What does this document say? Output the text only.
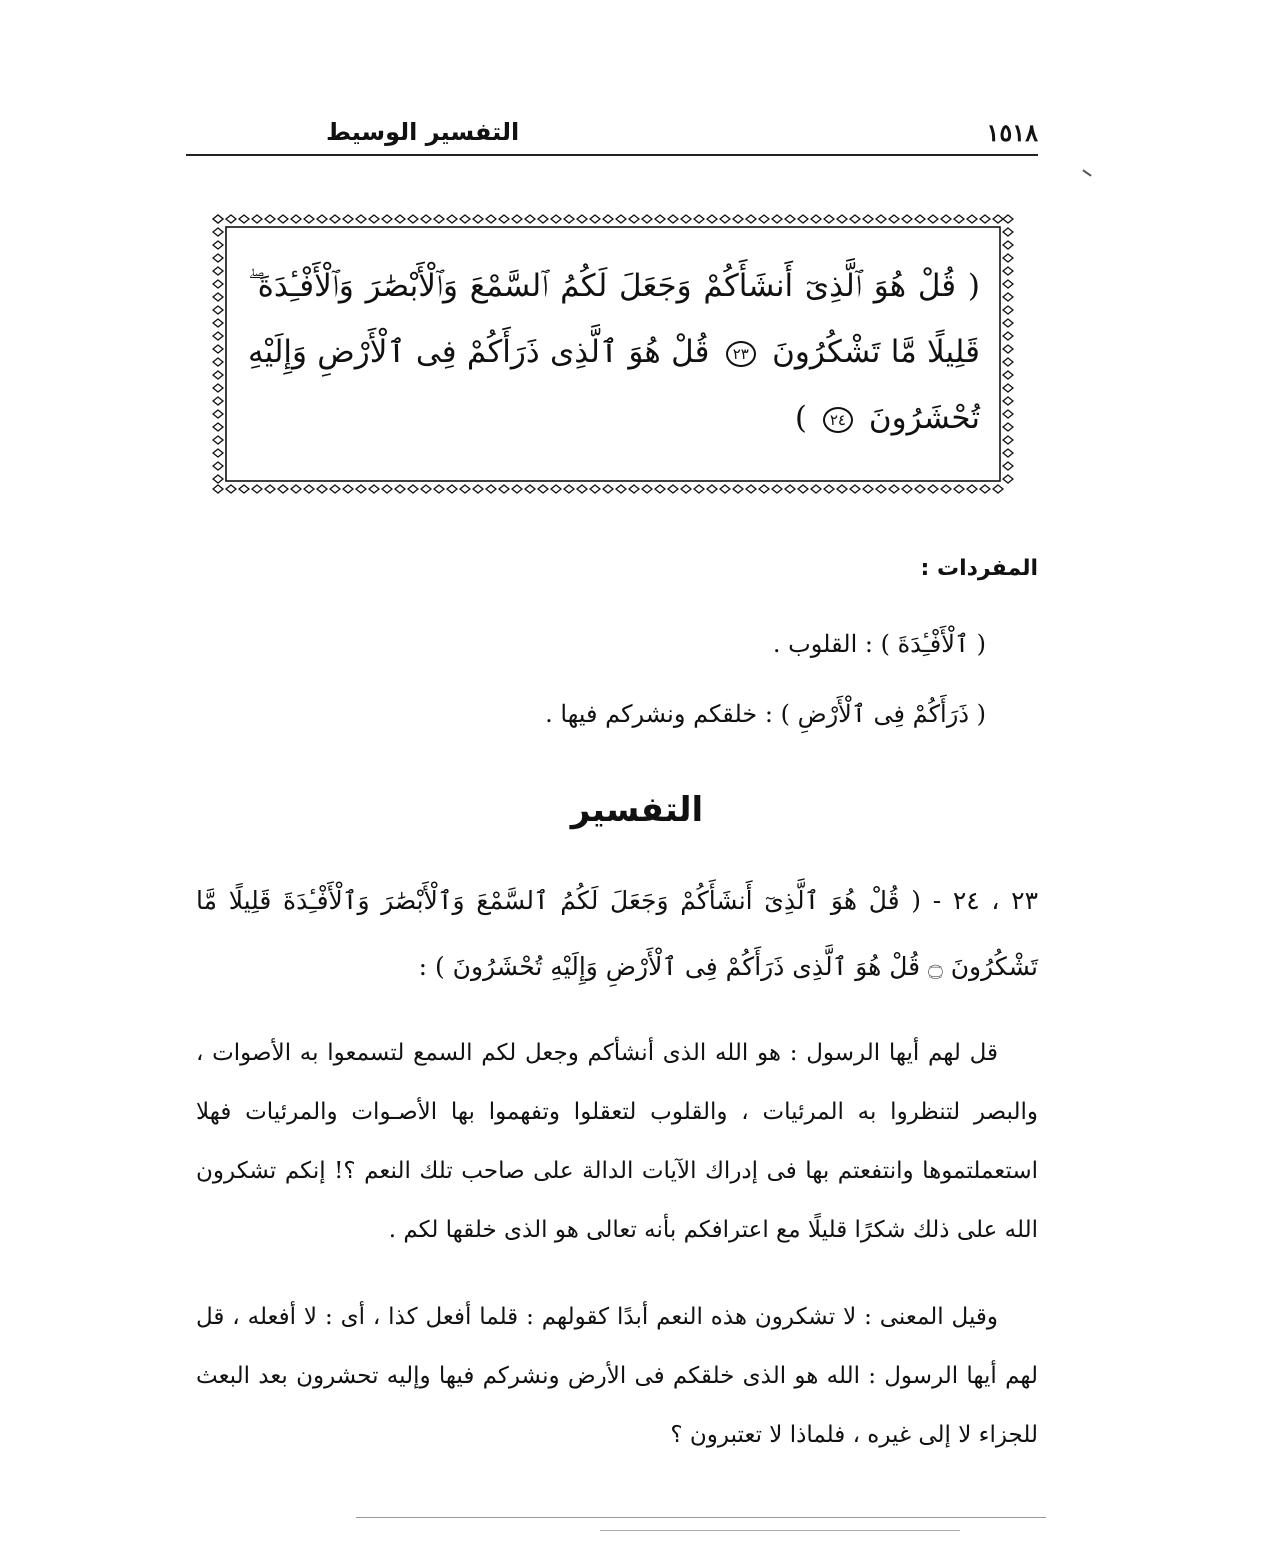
١٥١٨
التفسير الوسيط
( قُلْ هُوَ ٱلَّذِىٓ أَنشَأَكُمْ وَجَعَلَ لَكُمُ ٱلسَّمْعَ وَٱلْأَبْصَٰرَ وَٱلْأَفْـِٔدَةَ ۖ قَلِيلًا مَّا تَشْكُرُونَ ٢٣ قُلْ هُوَ ٱلَّذِى ذَرَأَكُمْ فِى ٱلْأَرْضِ وَإِلَيْهِ تُحْشَرُونَ ٢٤ )
المفردات :
( ٱلْأَفْـِٔدَةَ ) : القلوب .
( ذَرَأَكُمْ فِى ٱلْأَرْضِ ) : خلقكم ونشركم فيها .
التفسير
٢٣ ، ٢٤ - ( قُلْ هُوَ ٱلَّذِىٓ أَنشَأَكُمْ وَجَعَلَ لَكُمُ ٱلسَّمْعَ وَٱلْأَبْصَٰرَ وَٱلْأَفْـِٔدَةَ قَلِيلًا مَّا تَشْكُرُونَ ۝ قُلْ هُوَ ٱلَّذِى ذَرَأَكُمْ فِى ٱلْأَرْضِ وَإِلَيْهِ تُحْشَرُونَ ) :

قل لهم أيها الرسول : هو الله الذى أنشأكم وجعل لكم السمع لتسمعوا به الأصوات ، والبصر لتنظروا به المرئيات ، والقلوب لتعقلوا وتفهموا بها الأصـوات والمرئيات فهلا استعملتموها وانتفعتم بها فى إدراك الآيات الدالة على صاحب تلك النعم ؟! إنكم تشكرون الله على ذلك شكرًا قليلًا مع اعترافكم بأنه تعالى هو الذى خلقها لكم .

وقيل المعنى : لا تشكرون هذه النعم أبدًا كقولهم : قلما أفعل كذا ، أى : لا أفعله ، قل لهم أيها الرسول : الله هو الذى خلقكم فى الأرض ونشركم فيها وإليه تحشرون بعد البعث للجزاء لا إلى غيره ، فلماذا لا تعتبرون ؟
